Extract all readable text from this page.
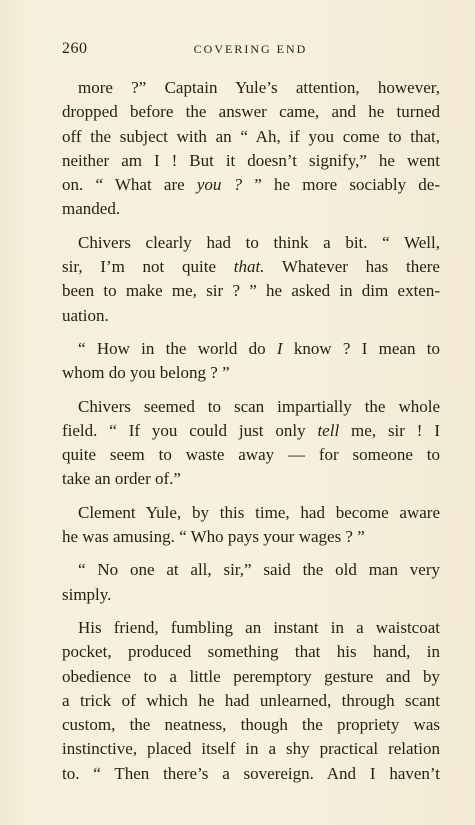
260	COVERING END
more ?” Captain Yule’s attention, however,
dropped before the answer came, and he turned
off the subject with an “ Ah, if you come to that,
neither am I ! But it doesn’t signify,” he went
on. “ What are you ? ” he more sociably de-
manded.
Chivers clearly had to think a bit. “ Well,
sir, I’m not quite that. Whatever has there
been to make me, sir ? ” he asked in dim exten-
uation.
“ How in the world do I know ? I mean to
whom do you belong ? ”
Chivers seemed to scan impartially the whole
field. “ If you could just only tell me, sir ! I
quite seem to waste away — for someone to
take an order of.”
Clement Yule, by this time, had become aware
he was amusing. “ Who pays your wages ? ”
“ No one at all, sir,” said the old man very
simply.
His friend, fumbling an instant in a waistcoat
pocket, produced something that his hand, in
obedience to a little peremptory gesture and by
a trick of which he had unlearned, through scant
custom, the neatness, though the propriety was
instinctive, placed itself in a shy practical relation
to. “ Then there’s a sovereign. And I haven’t
